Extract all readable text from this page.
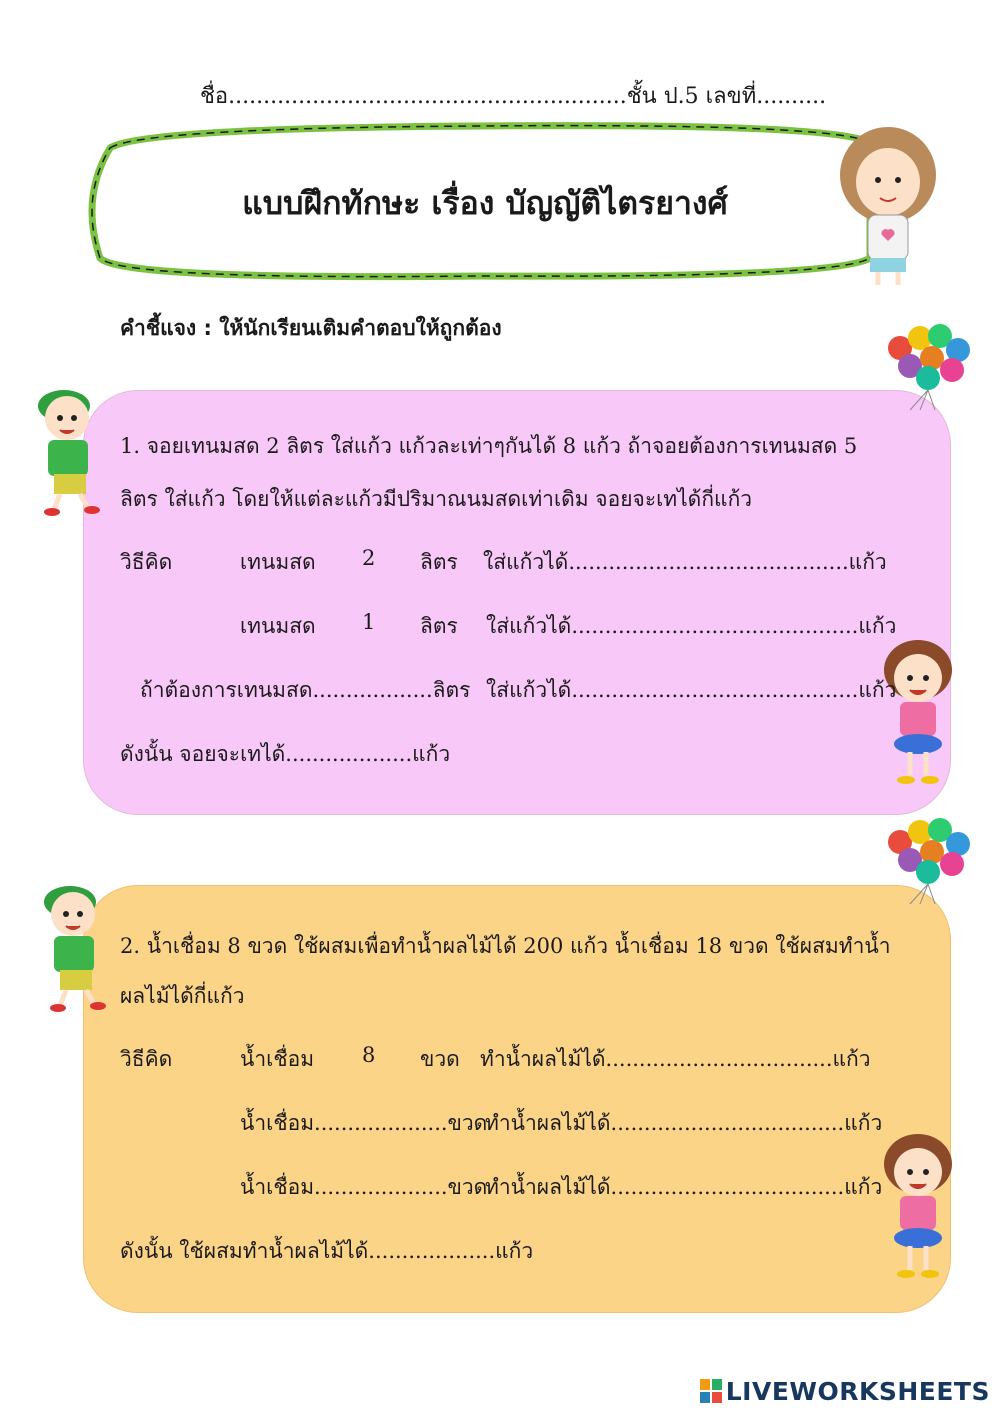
ชื่อ.........................................................ชั้น ป.5 เลขที่..........
แบบฝึกทักษะ เรื่อง บัญญัติไตรยางศ์
คำชี้แจง : ให้นักเรียนเติมคำตอบให้ถูกต้อง
1. จอยเทนมสด 2 ลิตร ใส่แก้ว แก้วละเท่าๆกันได้ 8 แก้ว ถ้าจอยต้องการเทนมสด 5
ลิตร ใส่แก้ว โดยให้แต่ละแก้วมีปริมาณนมสดเท่าเดิม จอยจะเทได้กี่แก้ว
วิธีคิด	เทนมสด 2 ลิตร ใส่แก้วได้..........................................แก้ว
เทนมสด 1 ลิตร ใส่แก้วได้...........................................แก้ว
ถ้าต้องการเทนมสด..................ลิตร ใส่แก้วได้...........................................แก้ว
ดังนั้น จอยจะเทได้...................แก้ว
2. น้ำเชื่อม 8 ขวด ใช้ผสมเพื่อทำน้ำผลไม้ได้ 200 แก้ว น้ำเชื่อม 18 ขวด ใช้ผสมทำน้ำ
ผลไม้ได้กี่แก้ว
วิธีคิด	น้ำเชื่อม 8 ขวด ทำน้ำผลไม้ได้..................................แก้ว
น้ำเชื่อม....................ขวด
ทำน้ำผลไม้ได้...................................แก้ว
น้ำเชื่อม....................ขวด
ทำน้ำผลไม้ได้...................................แก้ว
ดังนั้น ใช้ผสมทำน้ำผลไม้ได้...................แก้ว
LIVEWORKSHEETS
